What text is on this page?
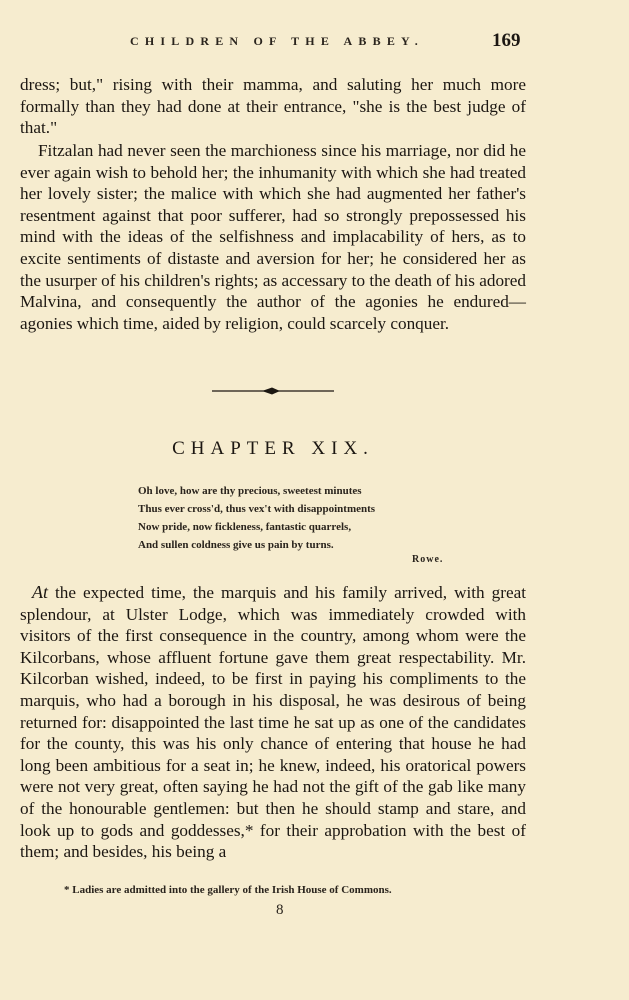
CHILDREN OF THE ABBEY.	169

dress; but," rising with their mamma, and saluting her much more formally than they had done at their entrance, "she is the best judge of that."

Fitzalan had never seen the marchioness since his marriage, nor did he ever again wish to behold her; the inhumanity with which she had treated her lovely sister; the malice with which she had augmented her father's resentment against that poor sufferer, had so strongly prepossessed his mind with the ideas of the selfishness and implacability of hers, as to excite sentiments of distaste and aversion for her; he considered her as the usurper of his children's rights; as accessary to the death of his adored Malvina, and consequently the author of the agonies he endured—agonies which time, aided by religion, could scarcely conquer.

CHAPTER XIX.
Oh love, how are thy precious, sweetest minutes
Thus ever cross'd, thus vex't with disappointments
Now pride, now fickleness, fantastic quarrels,
And sullen coldness give us pain by turns.
Rowe.

At the expected time, the marquis and his family arrived, with great splendour, at Ulster Lodge, which was immediately crowded with visitors of the first consequence in the country, among whom were the Kilcorbans, whose affluent fortune gave them great respectability. Mr. Kilcorban wished, indeed, to be first in paying his compliments to the marquis, who had a borough in his disposal, he was desirous of being returned for: disappointed the last time he sat up as one of the candidates for the county, this was his only chance of entering that house he had long been ambitious for a seat in; he knew, indeed, his oratorical powers were not very great, often saying he had not the gift of the gab like many of the honourable gentlemen: but then he should stamp and stare, and look up to gods and goddesses,* for their approbation with the best of them; and besides, his being a

* Ladies are admitted into the gallery of the Irish House of Commons.
8
